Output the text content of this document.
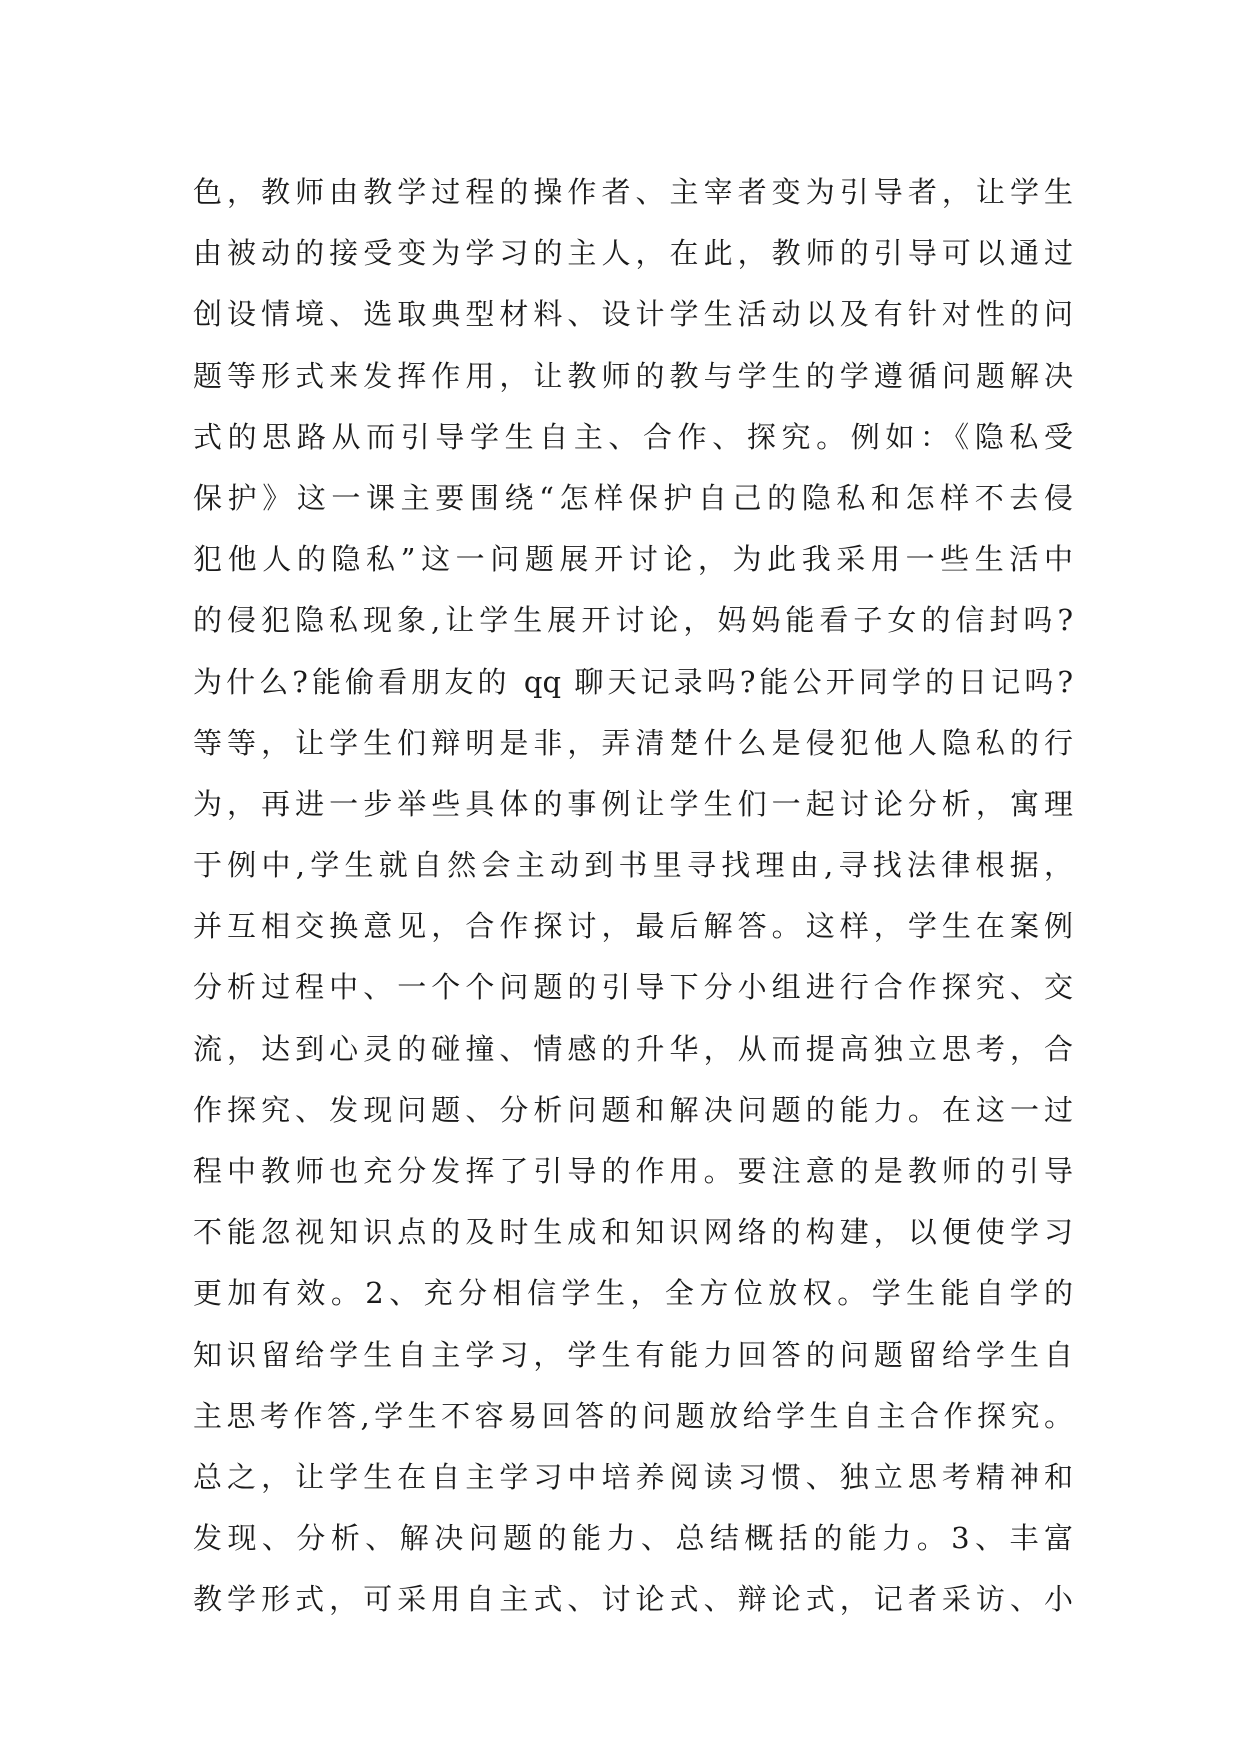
色，教师由教学过程的操作者、主宰者变为引导者，让学生
由被动的接受变为学习的主人，在此，教师的引导可以通过
创设情境、选取典型材料、设计学生活动以及有针对性的问
题等形式来发挥作用，让教师的教与学生的学遵循问题解决
式的思路从而引导学生自主、合作、探究。例如：《隐私受
保护》这一课主要围绕“怎样保护自己的隐私和怎样不去侵
犯他人的隐私”这一问题展开讨论，为此我采用一些生活中
的侵犯隐私现象,让学生展开讨论，妈妈能看子女的信封吗?
为什么?能偷看朋友的 qq 聊天记录吗?能公开同学的日记吗?
等等，让学生们辩明是非，弄清楚什么是侵犯他人隐私的行
为，再进一步举些具体的事例让学生们一起讨论分析，寓理
于例中,学生就自然会主动到书里寻找理由,寻找法律根据，
并互相交换意见，合作探讨，最后解答。这样，学生在案例
分析过程中、一个个问题的引导下分小组进行合作探究、交
流，达到心灵的碰撞、情感的升华，从而提高独立思考，合
作探究、发现问题、分析问题和解决问题的能力。在这一过
程中教师也充分发挥了引导的作用。要注意的是教师的引导
不能忽视知识点的及时生成和知识网络的构建，以便使学习
更加有效。2、充分相信学生，全方位放权。学生能自学的
知识留给学生自主学习，学生有能力回答的问题留给学生自
主思考作答,学生不容易回答的问题放给学生自主合作探究。
总之，让学生在自主学习中培养阅读习惯、独立思考精神和
发现、分析、解决问题的能力、总结概括的能力。3、丰富
教学形式，可采用自主式、讨论式、辩论式，记者采访、小
